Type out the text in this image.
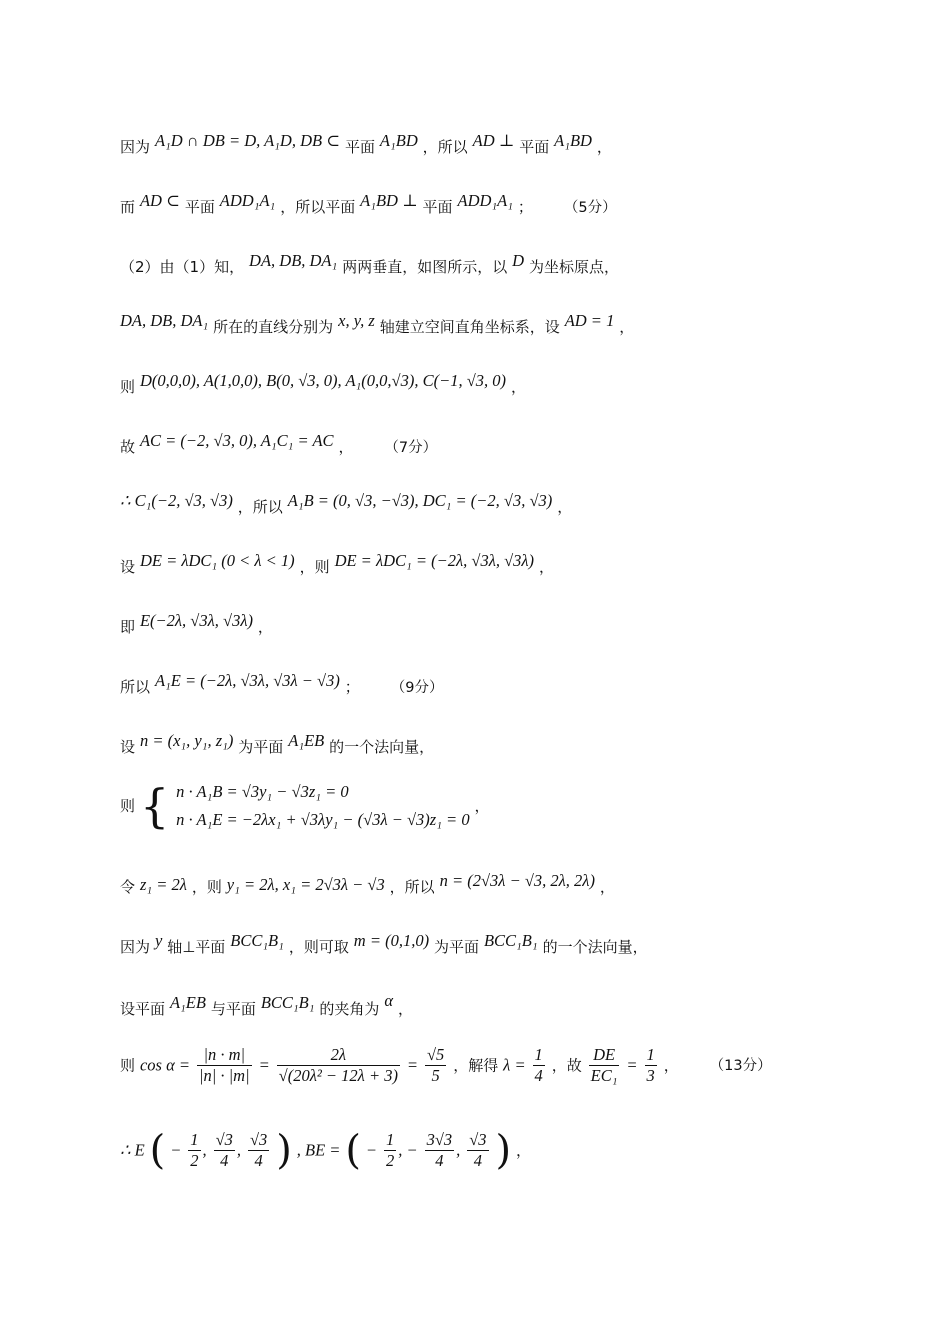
因为 A₁D ∩ DB = D, A₁D, DB ⊂ 平面 A₁BD ，所以 AD ⊥ 平面 A₁BD ，
而 AD ⊂ 平面 ADD₁A₁ ，所以平面 A₁BD ⊥ 平面 ADD₁A₁ ； （5分）
（2）由（1）知， DA, DB, DA₁ 两两垂直，如图所示，以 D 为坐标原点，
DA, DB, DA₁ 所在的直线分别为 x, y, z 轴建立空间直角坐标系，设 AD = 1 ，
则 D(0,0,0), A(1,0,0), B(0, √3, 0), A₁(0,0,√3), C(−1, √3, 0) ，
故 AC = (−2, √3, 0), A₁C₁ = AC ， （7分）
∴ C₁(−2, √3, √3) ，所以 A₁B = (0, √3, −√3), DC₁ = (−2, √3, √3) ，
设 DE = λDC₁ (0 < λ < 1) ，则 DE = λDC₁ = (−2λ, √3λ, √3λ) ，
即 E(−2λ, √3λ, √3λ) ，
所以 A₁E = (−2λ, √3λ, √3λ − √3) ； （9分）
设 n = (x₁, y₁, z₁) 为平面 A₁EB 的一个法向量，
则 { n · A₁B = √3y₁ − √3z₁ = 0
n · A₁E = −2λx₁ + √3λy₁ − (√3λ − √3)z₁ = 0
，
令 z₁ = 2λ ，则 y₁ = 2λ, x₁ = 2√3λ − √3 ，所以 n = (2√3λ − √3, 2λ, 2λ) ，
因为 y 轴⊥平面 BCC₁B₁ ，则可取 m = (0,1,0) 为平面 BCC₁B₁ 的一个法向量，
设平面 A₁EB 与平面 BCC₁B₁ 的夹角为 α ，
则 $\cos \alpha = \frac{|n \cdot m|}{|n| \cdot |m|} = \frac{2\lambda}{\text{√(20λ² − 12λ + 3)}} = \frac{√5}{5}$ ，解得 $\lambda = \frac{1}{4}$ ，故 $\frac{DE}{\text{EC₁}} = \frac{1}{3}$ ， （13分）
∴ E ( − $\frac{1}{2}$ , $\frac{√3}{4}$ , $\frac{√3}{4}$ ) , BE = ( − $\frac{1}{2}$ , − $\frac{3√3}{4}$ , $\frac{√3}{4}$ ) ，
